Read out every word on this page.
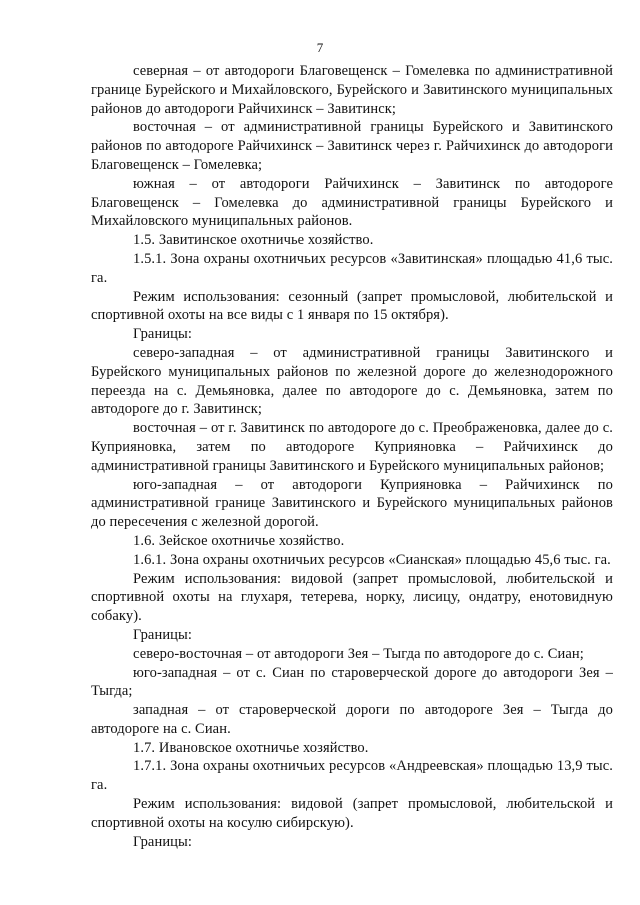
7

северная – от автодороги Благовещенск – Гомелевка по административной границе Бурейского и Михайловского, Бурейского и Завитинского муниципальных районов до автодороги Райчихинск – Завитинск;

восточная – от административной границы Бурейского и Завитинского районов по автодороге Райчихинск – Завитинск через г. Райчихинск до автодороги Благовещенск – Гомелевка;

южная – от автодороги Райчихинск – Завитинск по автодороге Благовещенск – Гомелевка до административной границы Бурейского и Михайловского муниципальных районов.

1.5. Завитинское охотничье хозяйство.

1.5.1. Зона охраны охотничьих ресурсов «Завитинская» площадью 41,6 тыс. га.

Режим использования: сезонный (запрет промысловой, любительской и спортивной охоты на все виды с 1 января по 15 октября).

Границы:

северо-западная – от административной границы Завитинского и Бурейского муниципальных районов по железной дороге до железнодорожного переезда на с. Демьяновка, далее по автодороге до с. Демьяновка, затем по автодороге до г. Завитинск;

восточная – от г. Завитинск по автодороге до с. Преображеновка, далее до с. Куприяновка, затем по автодороге Куприяновка – Райчихинск до административной границы Завитинского и Бурейского муниципальных районов;

юго-западная – от автодороги Куприяновка – Райчихинск по административной границе Завитинского и Бурейского муниципальных районов до пересечения с железной дорогой.

1.6. Зейское охотничье хозяйство.

1.6.1. Зона охраны охотничьих ресурсов «Сианская» площадью 45,6 тыс. га.

Режим использования: видовой (запрет промысловой, любительской и спортивной охоты на глухаря, тетерева, норку, лисицу, ондатру, енотовидную собаку).

Границы:

северо-восточная – от автодороги Зея – Тыгда по автодороге до с. Сиан;

юго-западная – от с. Сиан по староверческой дороге до автодороги Зея – Тыгда;

западная – от староверческой дороги по автодороге Зея – Тыгда до автодороге на с. Сиан.

1.7. Ивановское охотничье хозяйство.

1.7.1. Зона охраны охотничьих ресурсов «Андреевская» площадью 13,9 тыс. га.

Режим использования: видовой (запрет промысловой, любительской и спортивной охоты на косулю сибирскую).

Границы:
